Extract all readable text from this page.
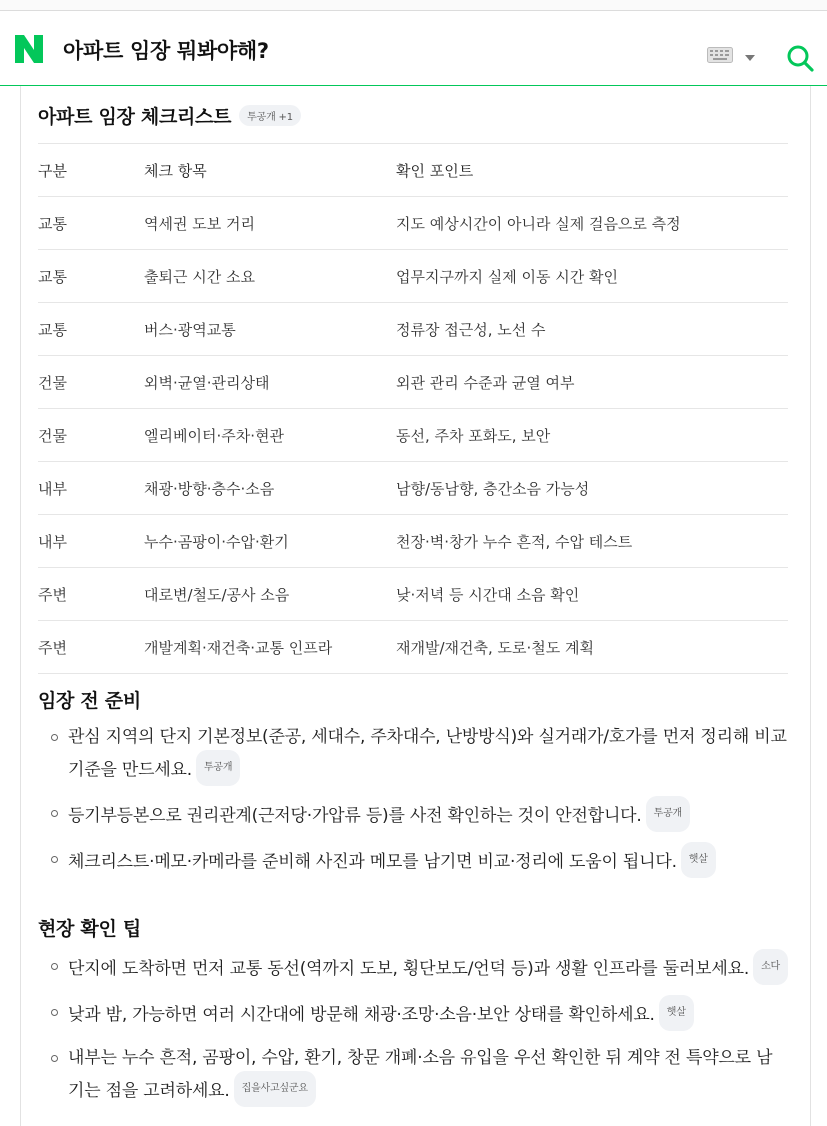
아파트 임장 뭐봐야해?
아파트 임장 체크리스트 투공개 +1
구분	체크 항목	확인 포인트
교통	역세권 도보 거리	지도 예상시간이 아니라 실제 걸음으로 측정
교통	출퇴근 시간 소요	업무지구까지 실제 이동 시간 확인
교통	버스·광역교통	정류장 접근성, 노선 수
건물	외벽·균열·관리상태	외관 관리 수준과 균열 여부
건물	엘리베이터·주차·현관	동선, 주차 포화도, 보안
내부	채광·방향·층수·소음	남향/동남향, 층간소음 가능성
내부	누수·곰팡이·수압·환기	천장·벽·창가 누수 흔적, 수압 테스트
주변	대로변/철도/공사 소음	낮·저녁 등 시간대 소음 확인
주변	개발계획·재건축·교통 인프라	재개발/재건축, 도로·철도 계획
임장 전 준비
관심 지역의 단지 기본정보(준공, 세대수, 주차대수, 난방방식)와 실거래가/호가를 먼저 정리해 비교 기준을 만드세요. 투공개
등기부등본으로 권리관계(근저당·가압류 등)를 사전 확인하는 것이 안전합니다. 투공개
체크리스트·메모·카메라를 준비해 사진과 메모를 남기면 비교·정리에 도움이 됩니다. 햇살
현장 확인 팁
단지에 도착하면 먼저 교통 동선(역까지 도보, 횡단보도/언덕 등)과 생활 인프라를 둘러보세요. 소다
낮과 밤, 가능하면 여러 시간대에 방문해 채광·조망·소음·보안 상태를 확인하세요. 햇살
내부는 누수 흔적, 곰팡이, 수압, 환기, 창문 개폐·소음 유입을 우선 확인한 뒤 계약 전 특약으로 남기는 점을 고려하세요. 집을사고싶군요
